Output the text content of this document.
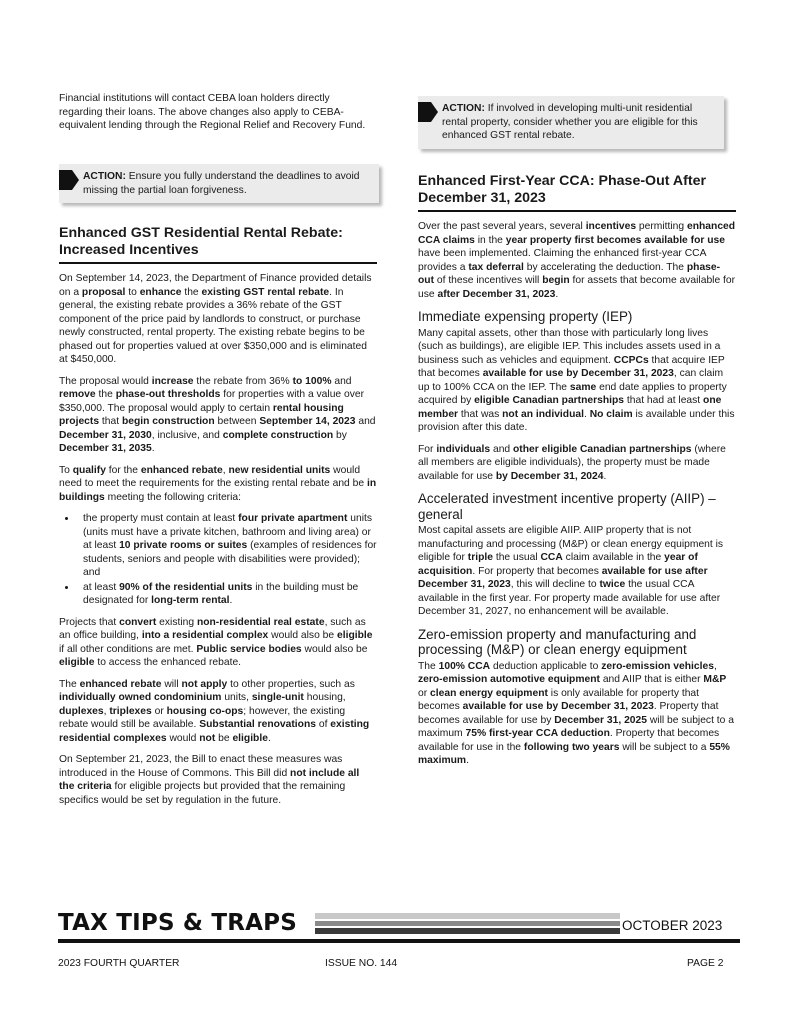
Financial institutions will contact CEBA loan holders directly regarding their loans. The above changes also apply to CEBA-equivalent lending through the Regional Relief and Recovery Fund.

ACTION: Ensure you fully understand the deadlines to avoid missing the partial loan forgiveness.
Enhanced GST Residential Rental Rebate: Increased Incentives

On September 14, 2023, the Department of Finance provided details on a proposal to enhance the existing GST rental rebate. In general, the existing rebate provides a 36% rebate of the GST component of the price paid by landlords to construct, or purchase newly constructed, rental property. The existing rebate begins to be phased out for properties valued at over $350,000 and is eliminated at $450,000.

The proposal would increase the rebate from 36% to 100% and remove the phase-out thresholds for properties with a value over $350,000. The proposal would apply to certain rental housing projects that begin construction between September 14, 2023 and December 31, 2030, inclusive, and complete construction by December 31, 2035.

To qualify for the enhanced rebate, new residential units would need to meet the requirements for the existing rental rebate and be in buildings meeting the following criteria:

• the property must contain at least four private apartment units (units must have a private kitchen, bathroom and living area) or at least 10 private rooms or suites (examples of residences for students, seniors and people with disabilities were provided); and
• at least 90% of the residential units in the building must be designated for long-term rental.

Projects that convert existing non-residential real estate, such as an office building, into a residential complex would also be eligible if all other conditions are met. Public service bodies would also be eligible to access the enhanced rebate.

The enhanced rebate will not apply to other properties, such as individually owned condominium units, single-unit housing, duplexes, triplexes or housing co-ops; however, the existing rebate would still be available. Substantial renovations of existing residential complexes would not be eligible.

On September 21, 2023, the Bill to enact these measures was introduced in the House of Commons. This Bill did not include all the criteria for eligible projects but provided that the remaining specifics would be set by regulation in the future.

ACTION: If involved in developing multi-unit residential rental property, consider whether you are eligible for this enhanced GST rental rebate.
Enhanced First-Year CCA: Phase-Out After December 31, 2023

Over the past several years, several incentives permitting enhanced CCA claims in the year property first becomes available for use have been implemented. Claiming the enhanced first-year CCA provides a tax deferral by accelerating the deduction. The phase-out of these incentives will begin for assets that become available for use after December 31, 2023.

Immediate expensing property (IEP)

Many capital assets, other than those with particularly long lives (such as buildings), are eligible IEP. This includes assets used in a business such as vehicles and equipment. CCPCs that acquire IEP that becomes available for use by December 31, 2023, can claim up to 100% CCA on the IEP. The same end date applies to property acquired by eligible Canadian partnerships that had at least one member that was not an individual. No claim is available under this provision after this date.

For individuals and other eligible Canadian partnerships (where all members are eligible individuals), the property must be made available for use by December 31, 2024.

Accelerated investment incentive property (AIIP) – general

Most capital assets are eligible AIIP. AIIP property that is not manufacturing and processing (M&P) or clean energy equipment is eligible for triple the usual CCA claim available in the year of acquisition. For property that becomes available for use after December 31, 2023, this will decline to twice the usual CCA available in the first year. For property made available for use after December 31, 2027, no enhancement will be available.

Zero-emission property and manufacturing and processing (M&P) or clean energy equipment

The 100% CCA deduction applicable to zero-emission vehicles, zero-emission automotive equipment and AIIP that is either M&P or clean energy equipment is only available for property that becomes available for use by December 31, 2023. Property that becomes available for use by December 31, 2025 will be subject to a maximum 75% first-year CCA deduction. Property that becomes available for use in the following two years will be subject to a 55% maximum.

TAX TIPS & TRAPS	OCTOBER 2023
2023 FOURTH QUARTER	ISSUE NO. 144	PAGE 2
